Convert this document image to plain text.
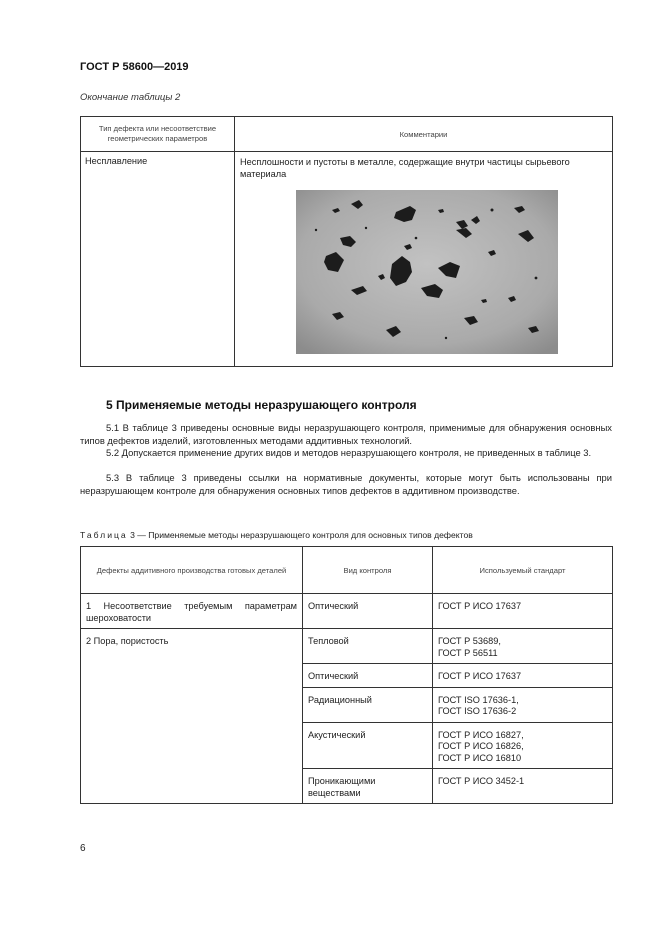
ГОСТ Р 58600—2019
Окончание таблицы 2
Тип дефекта или несоответствие геометрических параметров	Комментарии
Несплавление	Несплошности и пустоты в металле, содержащие внутри частицы сырьевого материала
5 Применяемые методы неразрушающего контроля
5.1 В таблице 3 приведены основные виды неразрушающего контроля, применимые для обнаружения основных типов дефектов изделий, изготовленных методами аддитивных технологий.
5.2 Допускается применение других видов и методов неразрушающего контроля, не приведенных в таблице 3.
5.3 В таблице 3 приведены ссылки на нормативные документы, которые могут быть использованы при неразрушающем контроле для обнаружения основных типов дефектов в аддитивном производстве.
Таблица 3 — Применяемые методы неразрушающего контроля для основных типов дефектов
Дефекты аддитивного производства готовых деталей	Вид контроля	Используемый стандарт
1 Несоответствие требуемым параметрам шероховатости	Оптический	ГОСТ Р ИСО 17637
2 Пора, пористость	Тепловой	ГОСТ Р 53689,
ГОСТ Р 56511

	Оптический	ГОСТ Р ИСО 17637
	Радиационный	ГОСТ ISO 17636-1,
ГОСТ ISO 17636-2

	Акустический	ГОСТ Р ИСО 16827,
ГОСТ Р ИСО 16826,
ГОСТ Р ИСО 16810

	Проникающими веществами	ГОСТ Р ИСО 3452-1
6
